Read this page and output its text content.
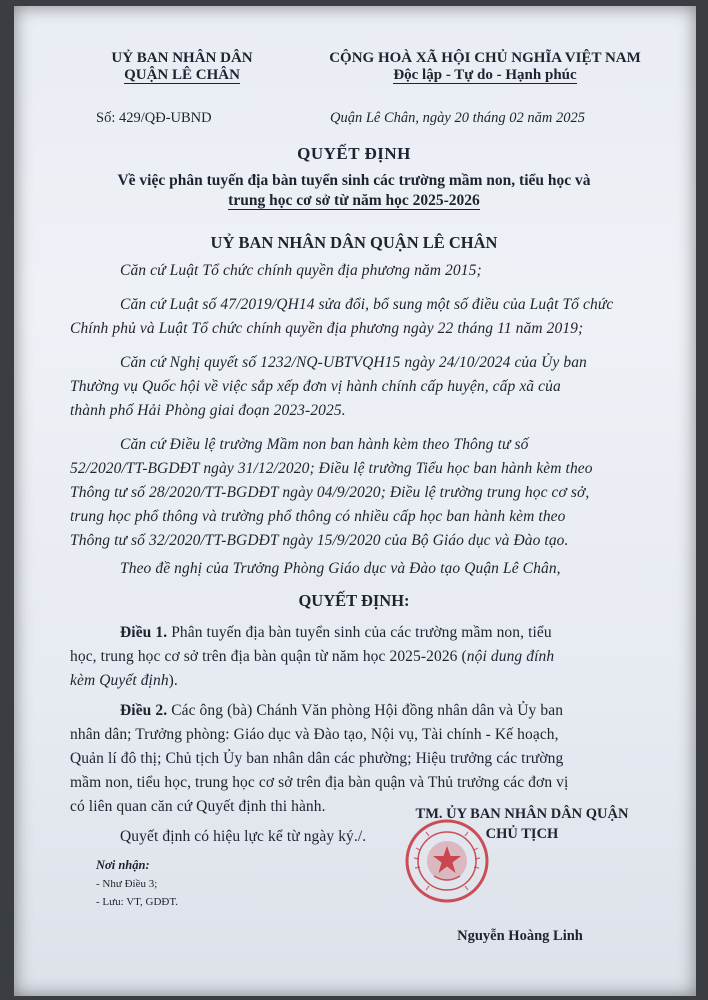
UỶ BAN NHÂN DÂN
QUẬN LÊ CHÂN
CỘNG HOÀ XÃ HỘI CHỦ NGHĨA VIỆT NAM
Độc lập - Tự do - Hạnh phúc
Số: 429/QĐ-UBND	Quận Lê Chân, ngày 20 tháng 02 năm 2025
QUYẾT ĐỊNH
Về việc phân tuyến địa bàn tuyển sinh các trường mầm non, tiểu học và
trung học cơ sở từ năm học 2025-2026
UỶ BAN NHÂN DÂN QUẬN LÊ CHÂN
Căn cứ Luật Tổ chức chính quyền địa phương năm 2015;
Căn cứ Luật số 47/2019/QH14 sửa đổi, bổ sung một số điều của Luật Tổ chức
Chính phủ và Luật Tổ chức chính quyền địa phương ngày 22 tháng 11 năm 2019;
Căn cứ Nghị quyết số 1232/NQ-UBTVQH15 ngày 24/10/2024 của Ủy ban
Thường vụ Quốc hội về việc sắp xếp đơn vị hành chính cấp huyện, cấp xã của
thành phố Hải Phòng giai đoạn 2023-2025.
Căn cứ Điều lệ trường Mầm non ban hành kèm theo Thông tư số
52/2020/TT-BGDĐT ngày 31/12/2020; Điều lệ trường Tiểu học ban hành kèm theo
Thông tư số 28/2020/TT-BGDĐT ngày 04/9/2020; Điều lệ trường trung học cơ sở,
trung học phổ thông và trường phổ thông có nhiều cấp học ban hành kèm theo
Thông tư số 32/2020/TT-BGDĐT ngày 15/9/2020 của Bộ Giáo dục và Đào tạo.
Theo đề nghị của Trưởng Phòng Giáo dục và Đào tạo Quận Lê Chân,
QUYẾT ĐỊNH:
Điều 1. Phân tuyến địa bàn tuyển sinh của các trường mầm non, tiểu
học, trung học cơ sở trên địa bàn quận từ năm học 2025-2026 (nội dung đính
kèm Quyết định).
Điều 2. Các ông (bà) Chánh Văn phòng Hội đồng nhân dân và Ủy ban
nhân dân; Trưởng phòng: Giáo dục và Đào tạo, Nội vụ, Tài chính - Kế hoạch,
Quản lí đô thị; Chủ tịch Ủy ban nhân dân các phường; Hiệu trưởng các trường
mầm non, tiểu học, trung học cơ sở trên địa bàn quận và Thủ trưởng các đơn vị
có liên quan căn cứ Quyết định thi hành.
Quyết định có hiệu lực kể từ ngày ký./.
Nơi nhận:
- Như Điều 3;
- Lưu: VT, GDĐT.
TM. ỦY BAN NHÂN DÂN QUẬN
CHỦ TỊCH
Nguyễn Hoàng Linh
